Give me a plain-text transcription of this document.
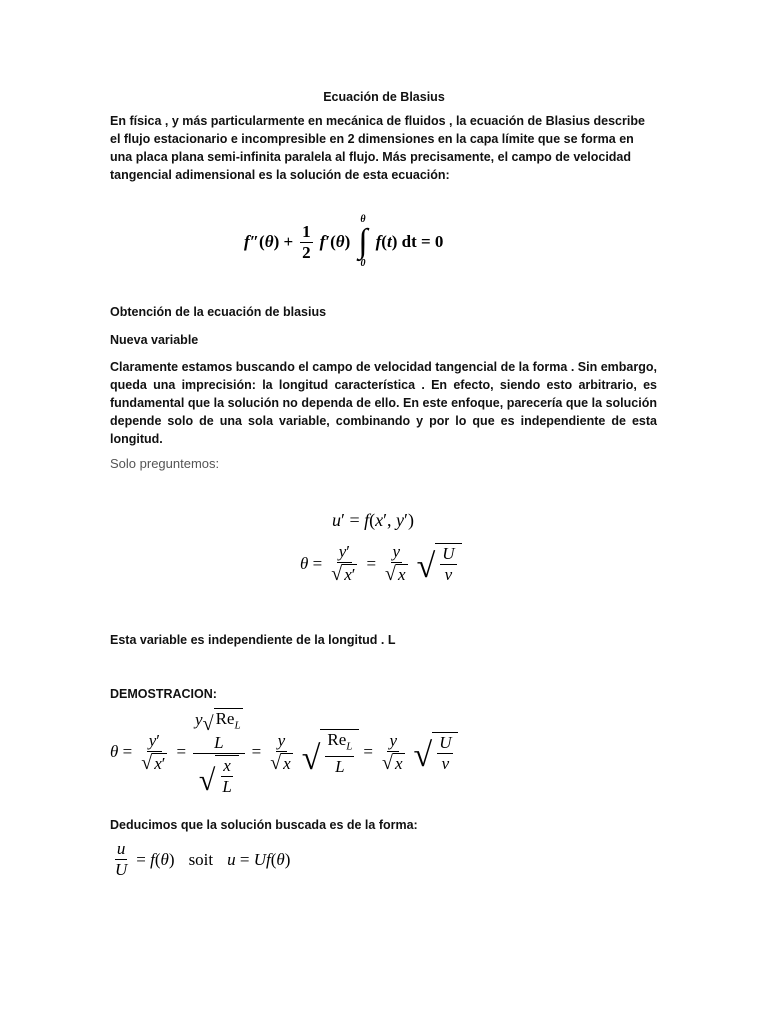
Ecuación de Blasius
En física , y más particularmente en mecánica de fluidos , la ecuación de Blasius describe el flujo estacionario e incompresible en 2 dimensiones en la capa límite que se forma en una placa plana semi-infinita paralela al flujo. Más precisamente, el campo de velocidad tangencial adimensional es la solución de esta ecuación:
$f''(\theta) + \frac{1}{2} f'(\theta)$
θ
∫
0
f(t) dt = 0
Obtención de la ecuación de blasius
Nueva variable
Claramente estamos buscando el campo de velocidad tangencial de la forma . Sin embargo, queda una imprecisión: la longitud característica . En efecto, siendo esto arbitrario, es fundamental que la solución no dependa de ello. En este enfoque, parecería que la solución depende solo de una sola variable, combinando y por lo que es independiente de esta longitud.
Solo preguntemos:
u′ = f(x′, y′)
$\theta = \frac{y'}{√ x'} = \frac{y}{√ x}$ √ $\frac{U}{\nu}$
Esta variable es independiente de la longitud . L
DEMOSTRACION:
$\theta = \frac{y'}{√ x'}$ =
y √ $Re_L$

L
√ $\frac{x}{L}$
= $\frac{y}{√ x}$ √ $\frac{Re_L}{L} = \frac{y}{√ x}$ √ $\frac{U}{\nu}$
Deducimos que la solución buscada es de la forma:
$\frac{u}{U} = f(\theta)$ soit u = Uf(θ)
